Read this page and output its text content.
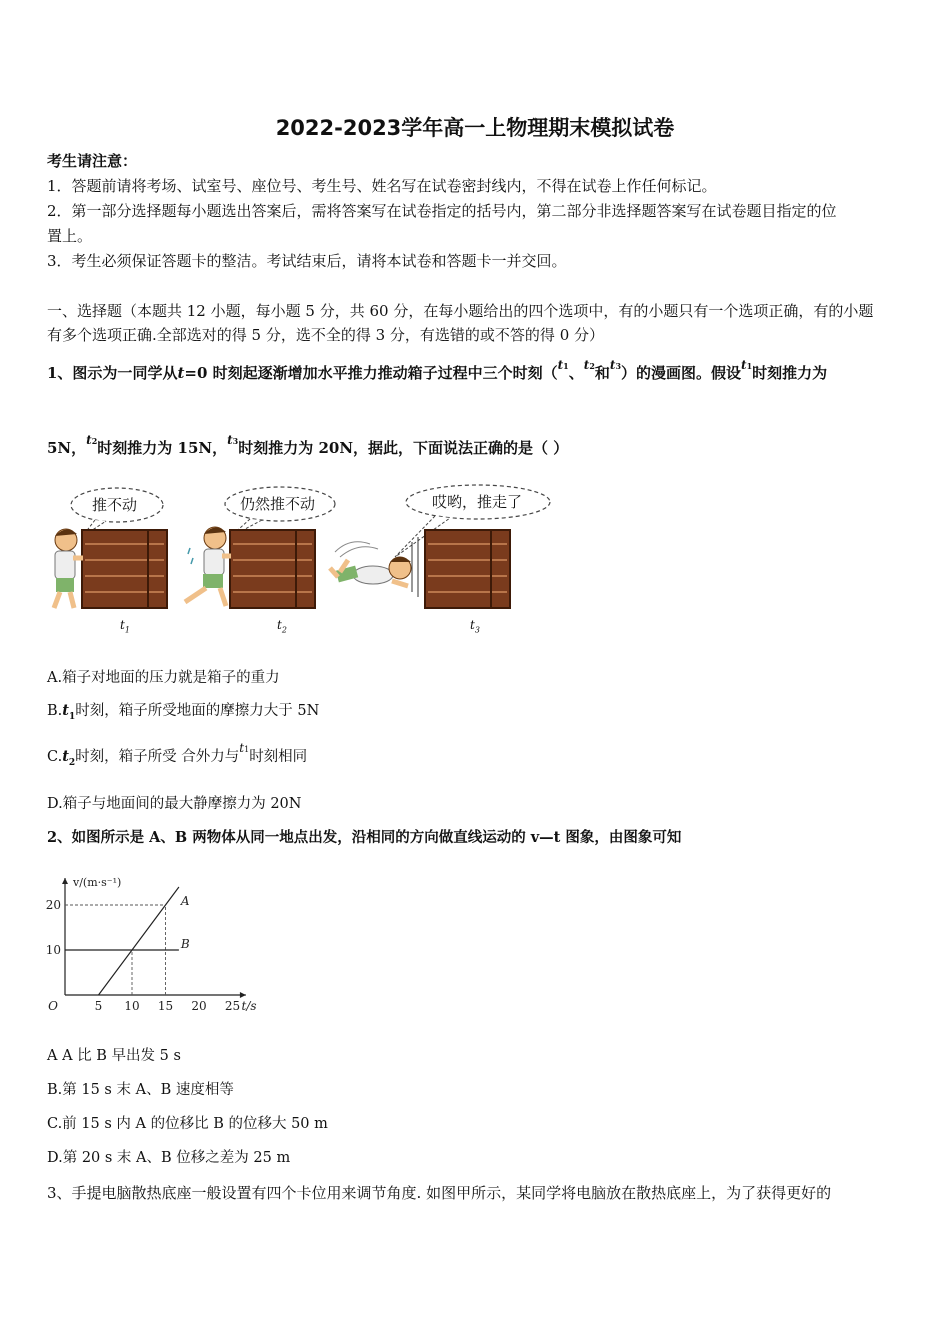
2022-2023学年高一上物理期末模拟试卷
考生请注意：
1．答题前请将考场、试室号、座位号、考生号、姓名写在试卷密封线内，不得在试卷上作任何标记。
2．第一部分选择题每小题选出答案后，需将答案写在试卷指定的括号内，第二部分非选择题答案写在试卷题目指定的位
置上。
3．考生必须保证答题卡的整洁。考试结束后，请将本试卷和答题卡一并交回。
一、选择题（本题共 12 小题，每小题 5 分，共 60 分，在每小题给出的四个选项中，有的小题只有一个选项正确，有的小题
有多个选项正确.全部选对的得 5 分，选不全的得 3 分，有选错的或不答的得 0 分）
1、图示为一同学从t=0 时刻起逐渐增加水平推力推动箱子过程中三个时刻（$^{t1}$、$^{t2}$和$^{t3}$）的漫画图。假设$^{t1}$时刻推力为
5N，$^{t2}$时刻推力为 15N，$^{t3}$时刻推力为 20N，据此，下面说法正确的是（ ）
推不动	仍然推不动	哎哟，推走了
$t_1$	$t_2$	$t_3$
A.箱子对地面的压力就是箱子的重力
$B.t_1$时刻，箱子所受地面的摩擦力大于 5N
$C.t_2$时刻，箱子所受 合外力与$^{t1}$时刻相同
D.箱子与地面间的最大静摩擦力为 20N
2、如图所示是 A、B 两物体从同一地点出发，沿相同的方向做直线运动的 v—t 图象，由图象可知
A
B
5 10 15 20 25
10
20
O	t/s
v/(m·s⁻¹)
A A 比 B 早出发 5 s
B.第 15 s 末 A、B 速度相等
C.前 15 s 内 A 的位移比 B 的位移大 50 m
D.第 20 s 末 A、B 位移之差为 25 m
3、手提电脑散热底座一般设置有四个卡位用来调节角度. 如图甲所示，某同学将电脑放在散热底座上，为了获得更好的
